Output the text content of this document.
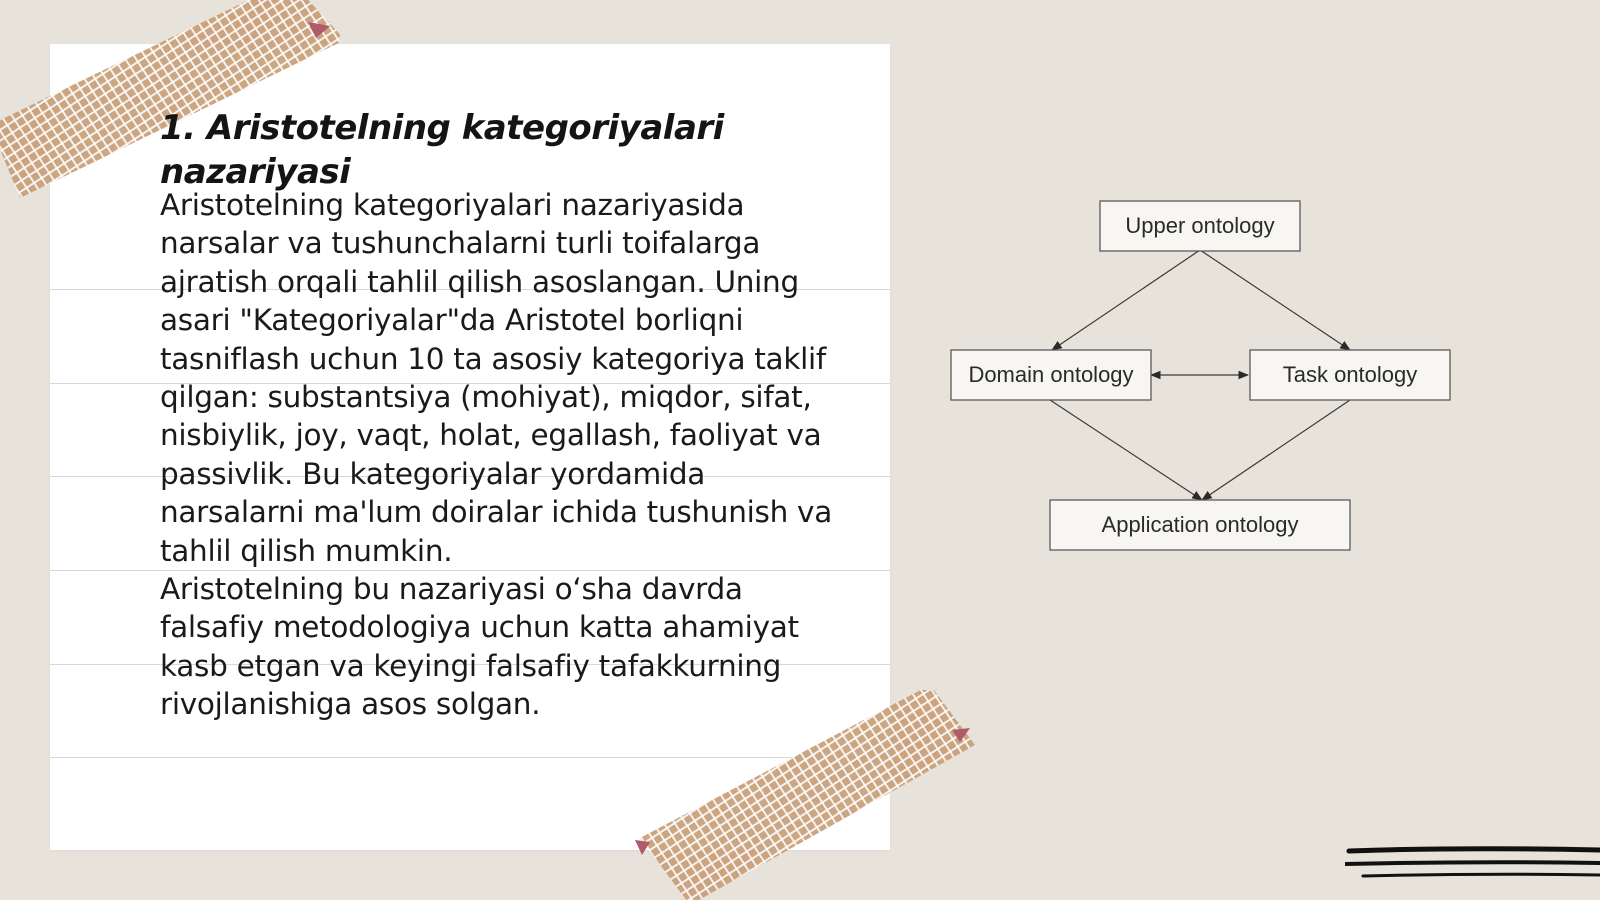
1. Aristotelning kategoriyalari nazariyasi

Aristotelning kategoriyalari nazariyasida narsalar va tushunchalarni turli toifalarga ajratish orqali tahlil qilish asoslangan. Uning asari "Kategoriyalar"da Aristotel borliqni tasniflash uchun 10 ta asosiy kategoriya taklif qilgan: substantsiya (mohiyat), miqdor, sifat, nisbiylik, joy, vaqt, holat, egallash, faoliyat va passivlik. Bu kategoriyalar yordamida narsalarni ma'lum doiralar ichida tushunish va tahlil qilish mumkin.

Aristotelning bu nazariyasi o‘sha davrda falsafiy metodologiya uchun katta ahamiyat kasb etgan va keyingi falsafiy tafakkurning rivojlanishiga asos solgan.

Upper ontology
Domain ontology	Task ontology
Application ontology
